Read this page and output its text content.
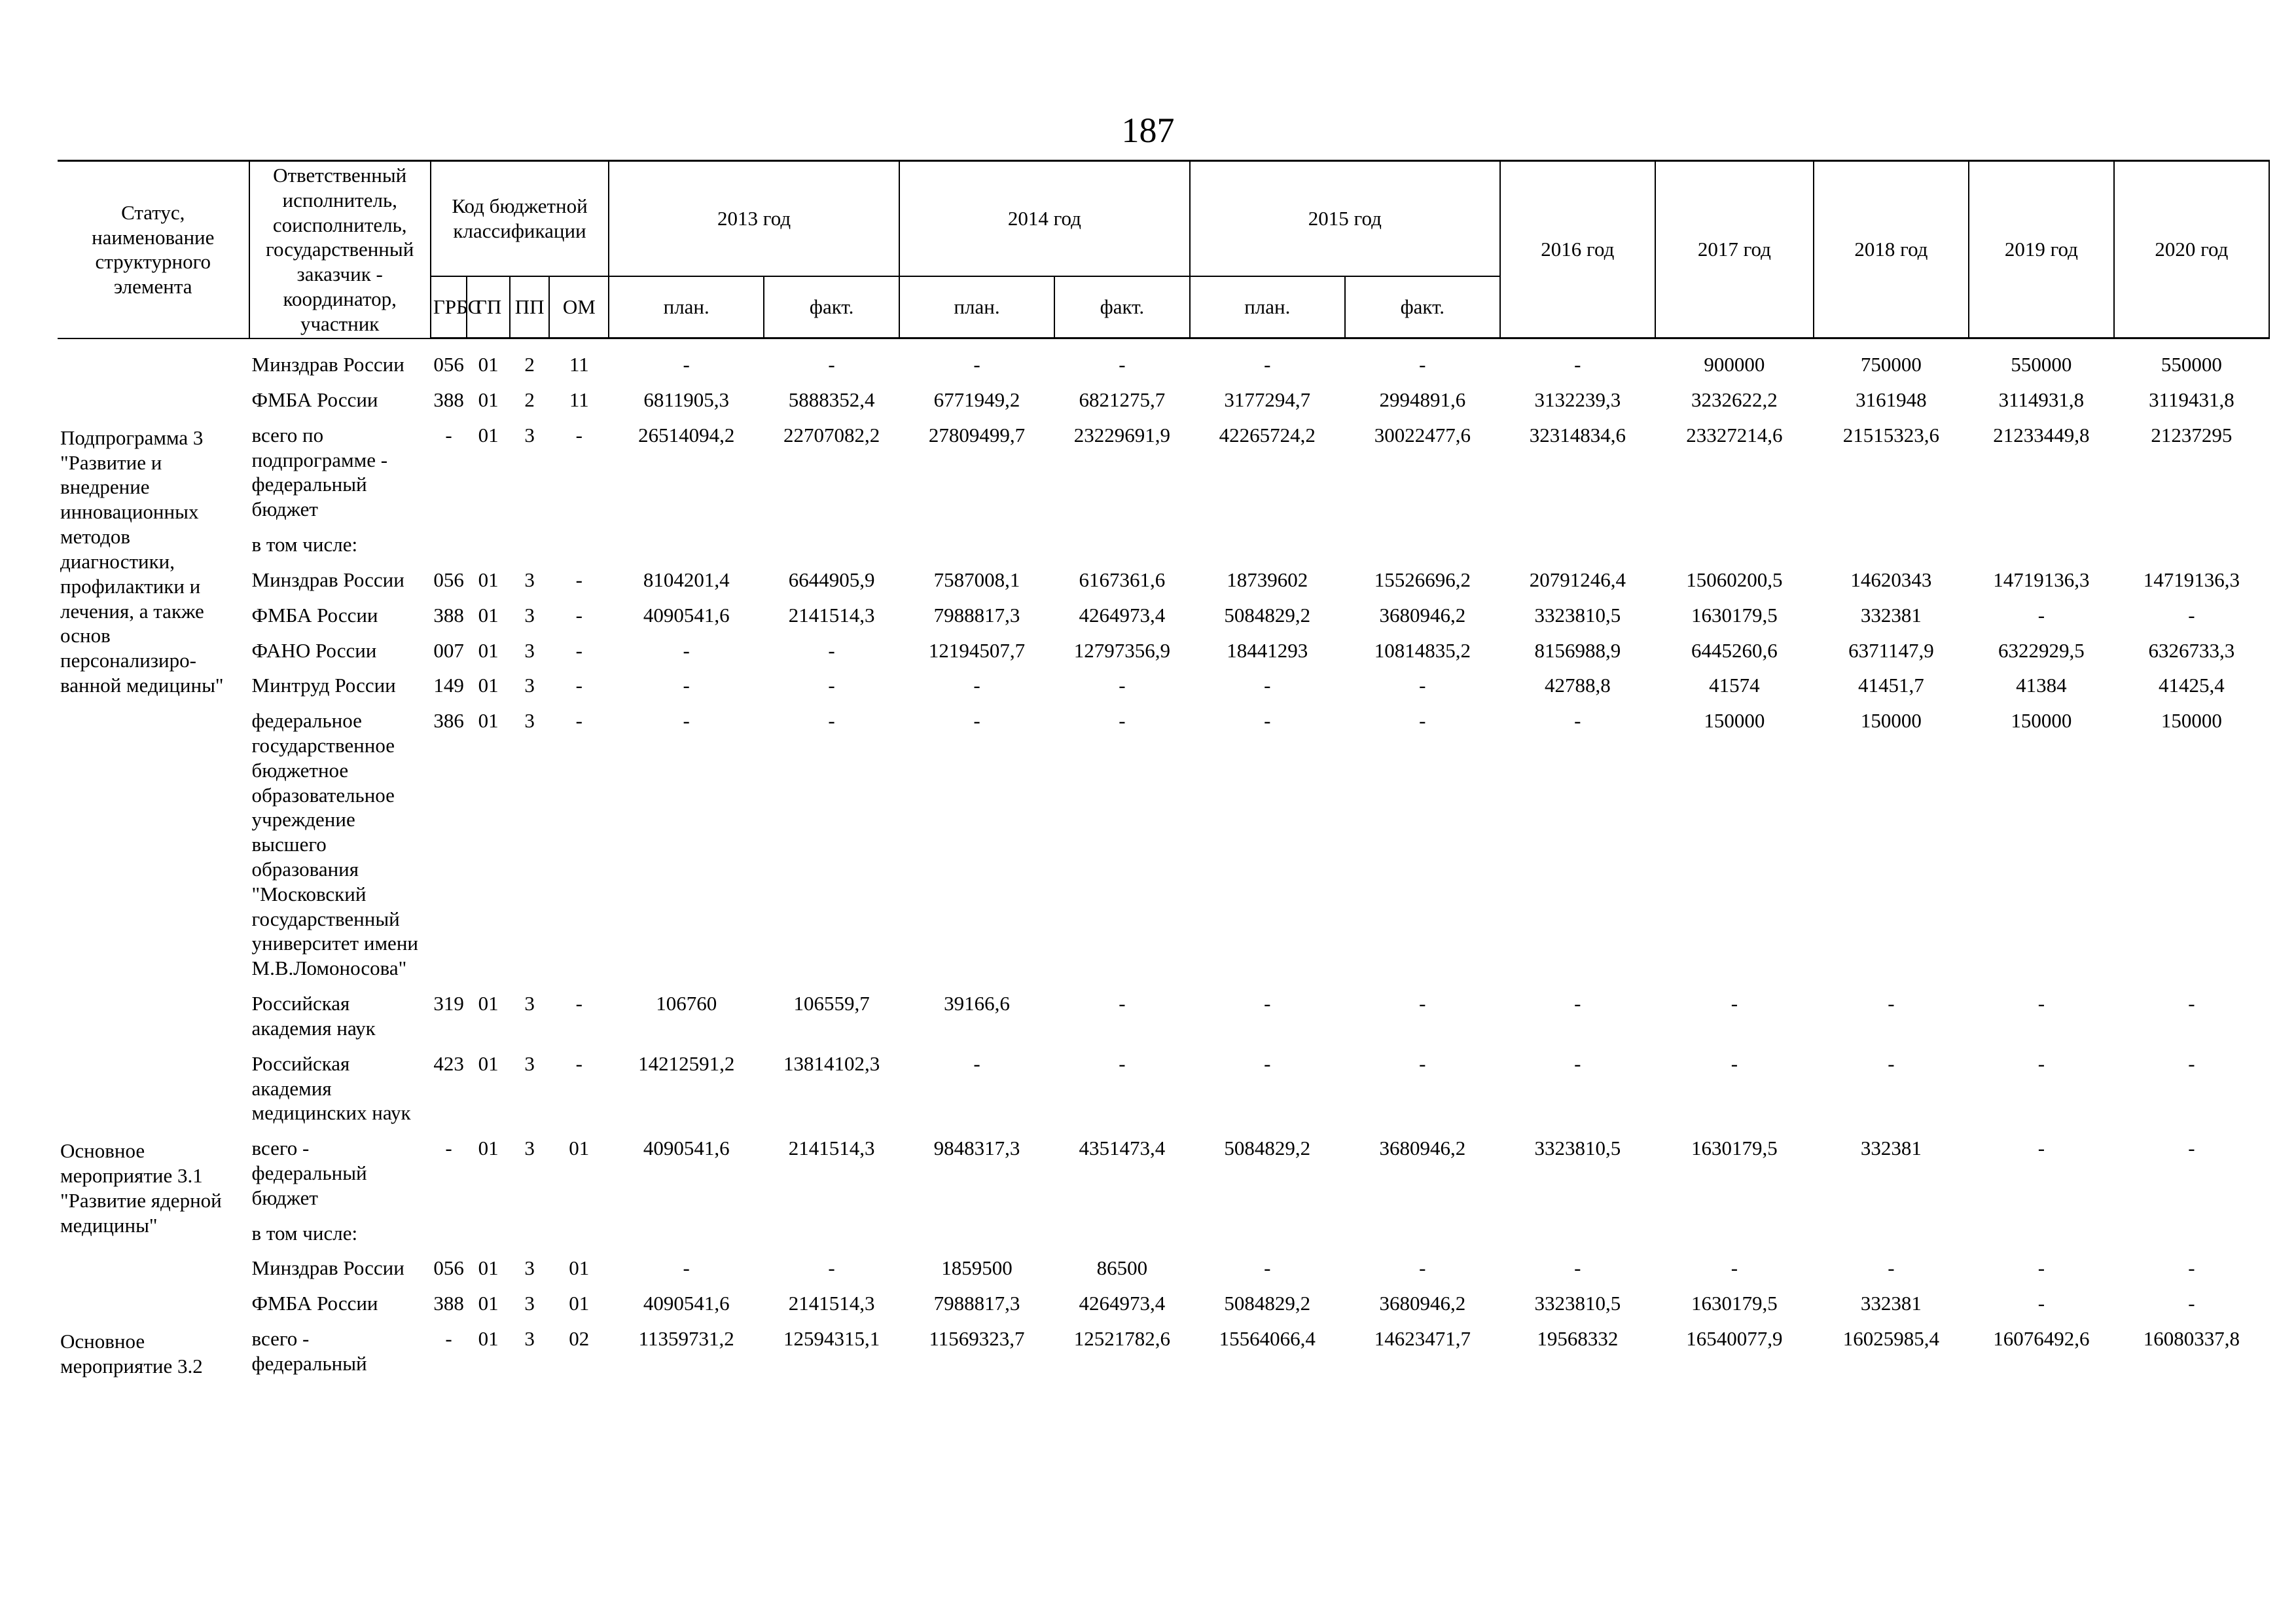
187
Статус, наименование структурного элемента	Ответственный исполнитель, соисполнитель, государственный заказчик - координатор, участник	Код бюджетной классификации				2013 год		2014 год		2015 год		2016 год	2017 год	2018 год	2019 год	2020 год
		ГРБС	ГП	ПП	ОМ	план.	факт.	план.	факт.	план.	факт.					
	Минздрав России	056	01	2	11	-	-	-	-	-	-	-	900000	750000	550000	550000
	ФМБА России	388	01	2	11	6811905,3	5888352,4	6771949,2	6821275,7	3177294,7	2994891,6	3132239,3	3232622,2	3161948	3114931,8	3119431,8
Подпрограмма 3 "Развитие и внедрение инновационных методов диагностики, профилактики и лечения, а также основ персонализиро-ванной медицины"	всего по подпрограмме - федеральный бюджет	-	01	3	-	26514094,2	22707082,2	27809499,7	23229691,9	42265724,2	30022477,6	32314834,6	23327214,6	21515323,6	21233449,8	21237295
	в том числе:															
	Минздрав России	056	01	3	-	8104201,4	6644905,9	7587008,1	6167361,6	18739602	15526696,2	20791246,4	15060200,5	14620343	14719136,3	14719136,3
	ФМБА России	388	01	3	-	4090541,6	2141514,3	7988817,3	4264973,4	5084829,2	3680946,2	3323810,5	1630179,5	332381	-	-
	ФАНО России	007	01	3	-	-	-	12194507,7	12797356,9	18441293	10814835,2	8156988,9	6445260,6	6371147,9	6322929,5	6326733,3
	Минтруд России	149	01	3	-	-	-	-	-	-	-	42788,8	41574	41451,7	41384	41425,4
	федеральное государственное бюджетное образовательное учреждение высшего образования "Московский государственный университет имени М.В.Ломоносова"	386	01	3	-	-	-	-	-	-	-	-	150000	150000	150000	150000
	Российская академия наук	319	01	3	-	106760	106559,7	39166,6	-	-	-	-	-	-	-	-
	Российская академия медицинских наук	423	01	3	-	14212591,2	13814102,3	-	-	-	-	-	-	-	-	-
Основное мероприятие 3.1 "Развитие ядерной медицины"	всего - федеральный бюджет	-	01	3	01	4090541,6	2141514,3	9848317,3	4351473,4	5084829,2	3680946,2	3323810,5	1630179,5	332381	-	-
	в том числе:															
	Минздрав России	056	01	3	01	-	-	1859500	86500	-	-	-	-	-	-	-
	ФМБА России	388	01	3	01	4090541,6	2141514,3	7988817,3	4264973,4	5084829,2	3680946,2	3323810,5	1630179,5	332381	-	-
Основное мероприятие 3.2	всего - федеральный	-	01	3	02	11359731,2	12594315,1	11569323,7	12521782,6	15564066,4	14623471,7	19568332	16540077,9	16025985,4	16076492,6	16080337,8
